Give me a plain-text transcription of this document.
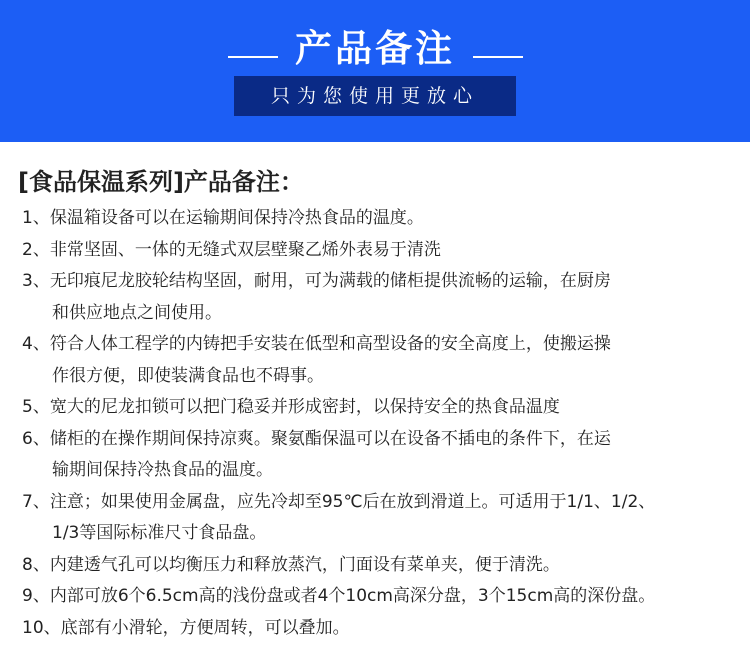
产品备注
只为您使用更放心
[食品保温系列]产品备注：
1、保温箱设备可以在运输期间保持冷热食品的温度。
2、非常坚固、一体的无缝式双层壁聚乙烯外表易于清洗
3、无印痕尼龙胶轮结构坚固，耐用，可为满载的储柜提供流畅的运输，在厨房
和供应地点之间使用。
4、符合人体工程学的内铸把手安装在低型和高型设备的安全高度上，使搬运操
作很方便，即使装满食品也不碍事。
5、宽大的尼龙扣锁可以把门稳妥并形成密封，以保持安全的热食品温度
6、储柜的在操作期间保持凉爽。聚氨酯保温可以在设备不插电的条件下，在运
输期间保持冷热食品的温度。
7、注意；如果使用金属盘，应先冷却至95℃后在放到滑道上。可适用于1/1、1/2、
1/3等国际标准尺寸食品盘。
8、内建透气孔可以均衡压力和释放蒸汽，门面设有菜单夹，便于清洗。
9、内部可放6个6.5cm高的浅份盘或者4个10cm高深分盘，3个15cm高的深份盘。
10、底部有小滑轮，方便周转，可以叠加。
